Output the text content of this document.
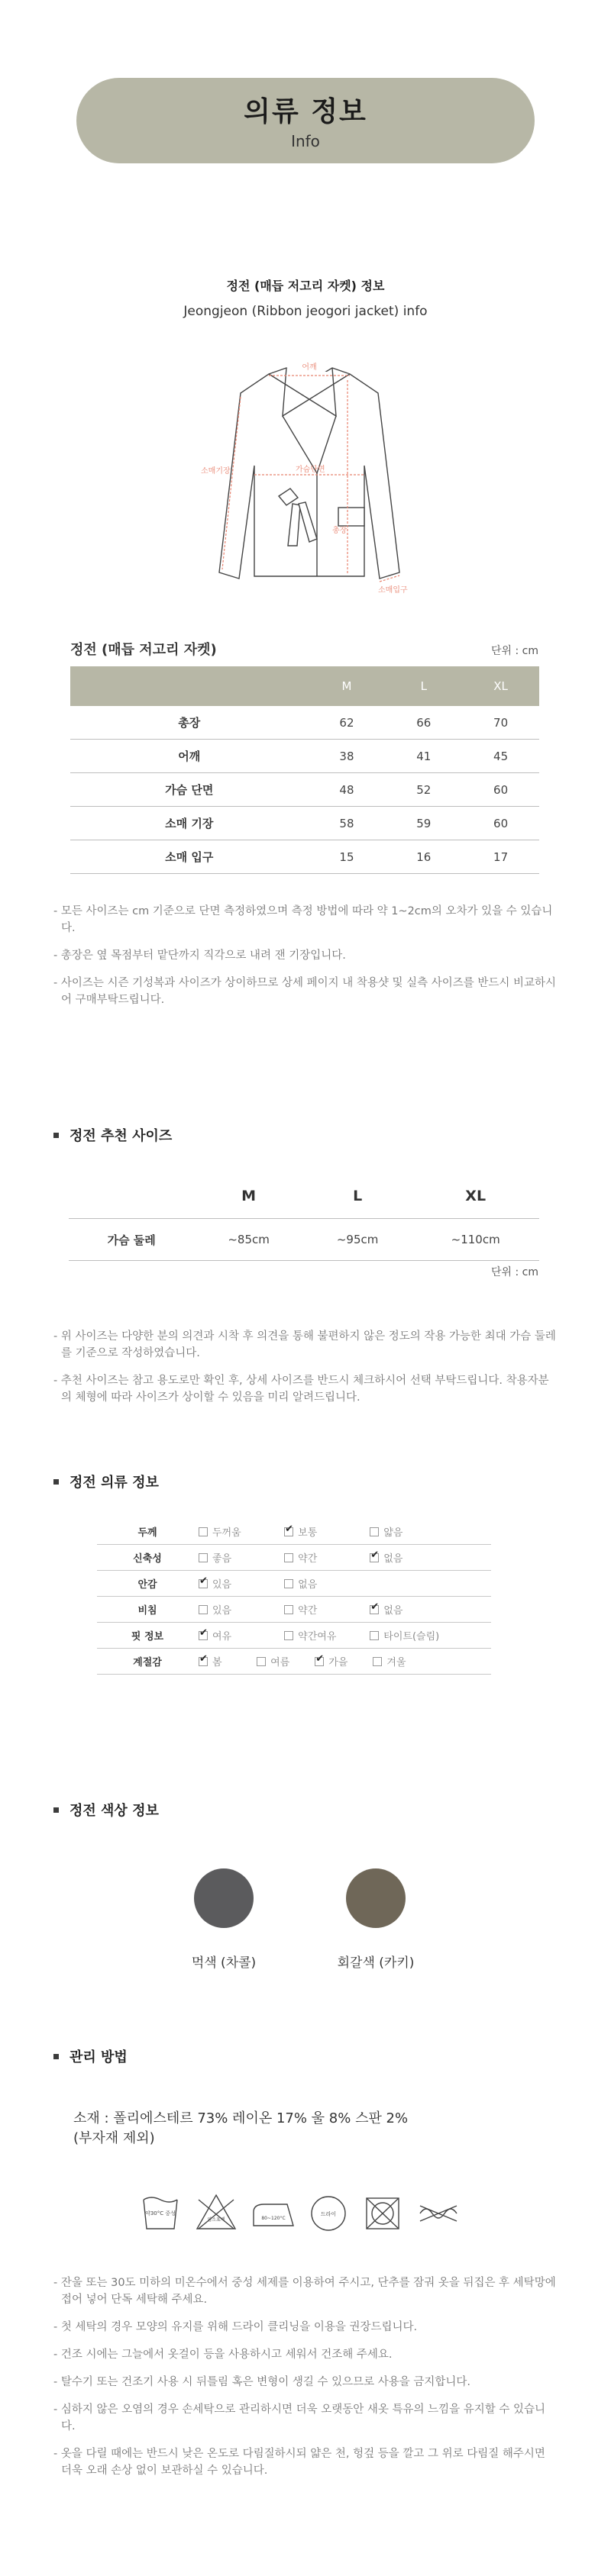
의류 정보
Info
정전 (매듭 저고리 자켓) 정보
Jeongjeon (Ribbon jeogori jacket) info
어깨
소매기장	가슴단면
총장
소매입구
정전 (매듭 저고리 자켓)	단위 : cm
	M	L	XL
총장	62	66	70
어깨	38	41	45
가슴 단면	48	52	60
소매 기장	58	59	60
소매 입구	15	16	17

- 모든 사이즈는 cm 기준으로 단면 측정하였으며 측정 방법에 따라 약 1~2cm의 오차가 있을 수 있습니다.

- 총장은 옆 목점부터 맡단까지 직각으로 내려 잰 기장입니다.

- 사이즈는 시즌 기성복과 사이즈가 상이하므로 상세 페이지 내 착용샷 및 실측 사이즈를 반드시 비교하시어 구매부탁드립니다.

정전 추천 사이즈
	M	L	XL
가슴 둘레	~85cm	~95cm	~110cm
단위 : cm

- 위 사이즈는 다양한 분의 의견과 시착 후 의견을 통해 불편하지 않은 정도의 작용 가능한 최대 가슴 둘레를 기준으로 작성하였습니다.

- 추천 사이즈는 참고 용도로만 확인 후, 상세 사이즈를 반드시 체크하시어 선택 부탁드립니다. 착용자분의 체형에 따라 사이즈가 상이할 수 있음을 미리 알려드립니다.

정전 의류 정보
두께	두꺼움 ✔ 보통 얇음
신축성	좋음 약간 ✔ 없음
안감	✔있음 없음
비침	있음 약간 ✔ 없음
핏 정보	✔여유 약간여유 타이트(슬림)
계절감	✔봄 여름 ✔ 가을 겨울
정전 색상 정보
먹색 (차콜)	회갈색 (카키)
관리 방법
소재 : 폴리에스테르 73% 레이온 17% 울 8% 스판 2%
(부자재 제외)
약30°C 중성
염소표백	80~120°C
드라이

- 잔울 또는 30도 미하의 미온수에서 중성 세제를 이용하여 주시고, 단추를 잠궈 옷을 뒤집은 후 세탁망에 접어 넣어 단독 세탁해 주세요.

- 첫 세탁의 경우 모양의 유지를 위해 드라이 클리닝을 이용을 권장드립니다.

- 건조 시에는 그늘에서 옷걸이 등을 사용하시고 세워서 건조해 주세요.

- 탈수기 또는 건조기 사용 시 뒤틀림 혹은 변형이 생길 수 있으므로 사용을 금지합니다.

- 심하지 않은 오염의 경우 손세탁으로 관리하시면 더욱 오랫동안 새옷 특유의 느낌을 유지할 수 있습니다.

- 옷을 다릴 때에는 반드시 낮은 온도로 다림질하시되 얇은 천, 헝겊 등을 깔고 그 위로 다림질 해주시면 더욱 오래 손상 없이 보관하실 수 있습니다.
